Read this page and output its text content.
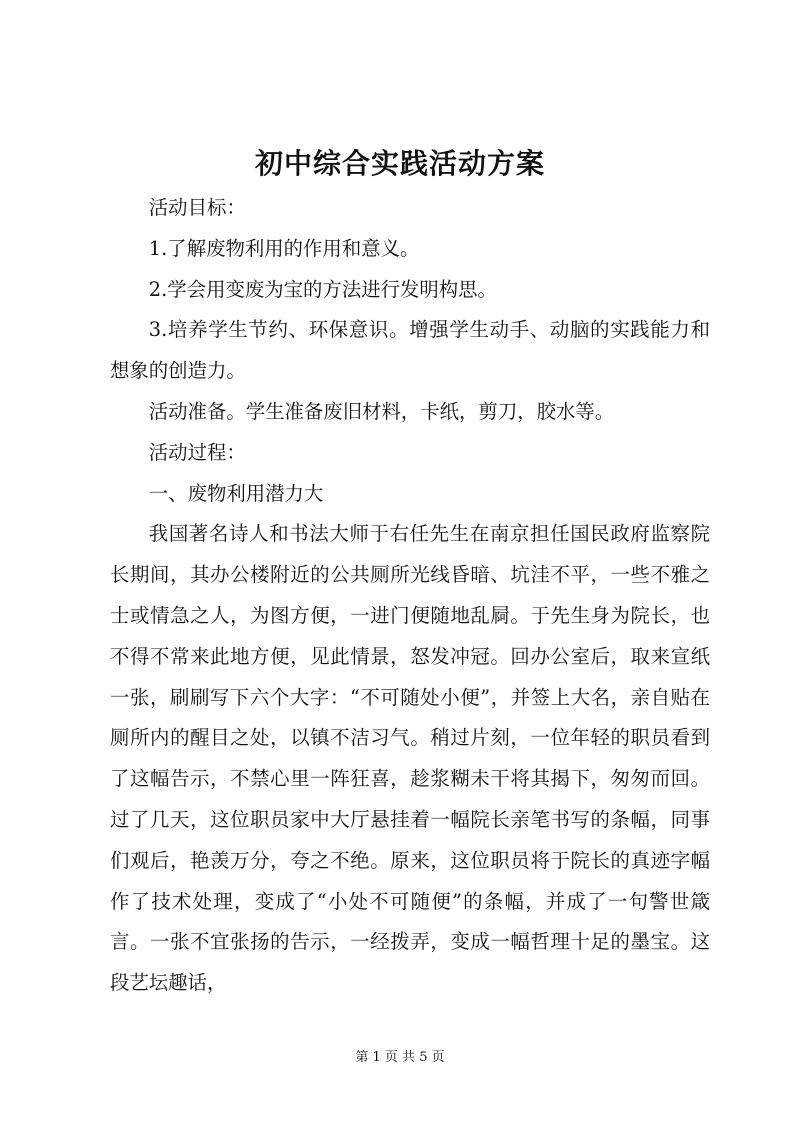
初中综合实践活动方案

活动目标：

1.了解废物利用的作用和意义。

2.学会用变废为宝的方法进行发明构思。

3.培养学生节约、环保意识。增强学生动手、动脑的实践能力和想象的创造力。

活动准备。学生准备废旧材料，卡纸，剪刀，胶水等。

活动过程：

一、废物利用潜力大

我国著名诗人和书法大师于右任先生在南京担任国民政府监察院长期间，其办公楼附近的公共厕所光线昏暗、坑洼不平，一些不雅之士或情急之人，为图方便，一进门便随地乱屙。于先生身为院长，也不得不常来此地方便，见此情景，怒发冲冠。回办公室后，取来宣纸一张，刷刷写下六个大字：“不可随处小便”，并签上大名，亲自贴在厕所内的醒目之处，以镇不洁习气。稍过片刻，一位年轻的职员看到了这幅告示，不禁心里一阵狂喜，趁浆糊未干将其揭下，匆匆而回。过了几天，这位职员家中大厅悬挂着一幅院长亲笔书写的条幅，同事们观后，艳羡万分，夸之不绝。原来，这位职员将于院长的真迹字幅作了技术处理，变成了“小处不可随便”的条幅，并成了一句警世箴言。一张不宜张扬的告示，一经拨弄，变成一幅哲理十足的墨宝。这段艺坛趣话，

第 1 页 共 5 页
